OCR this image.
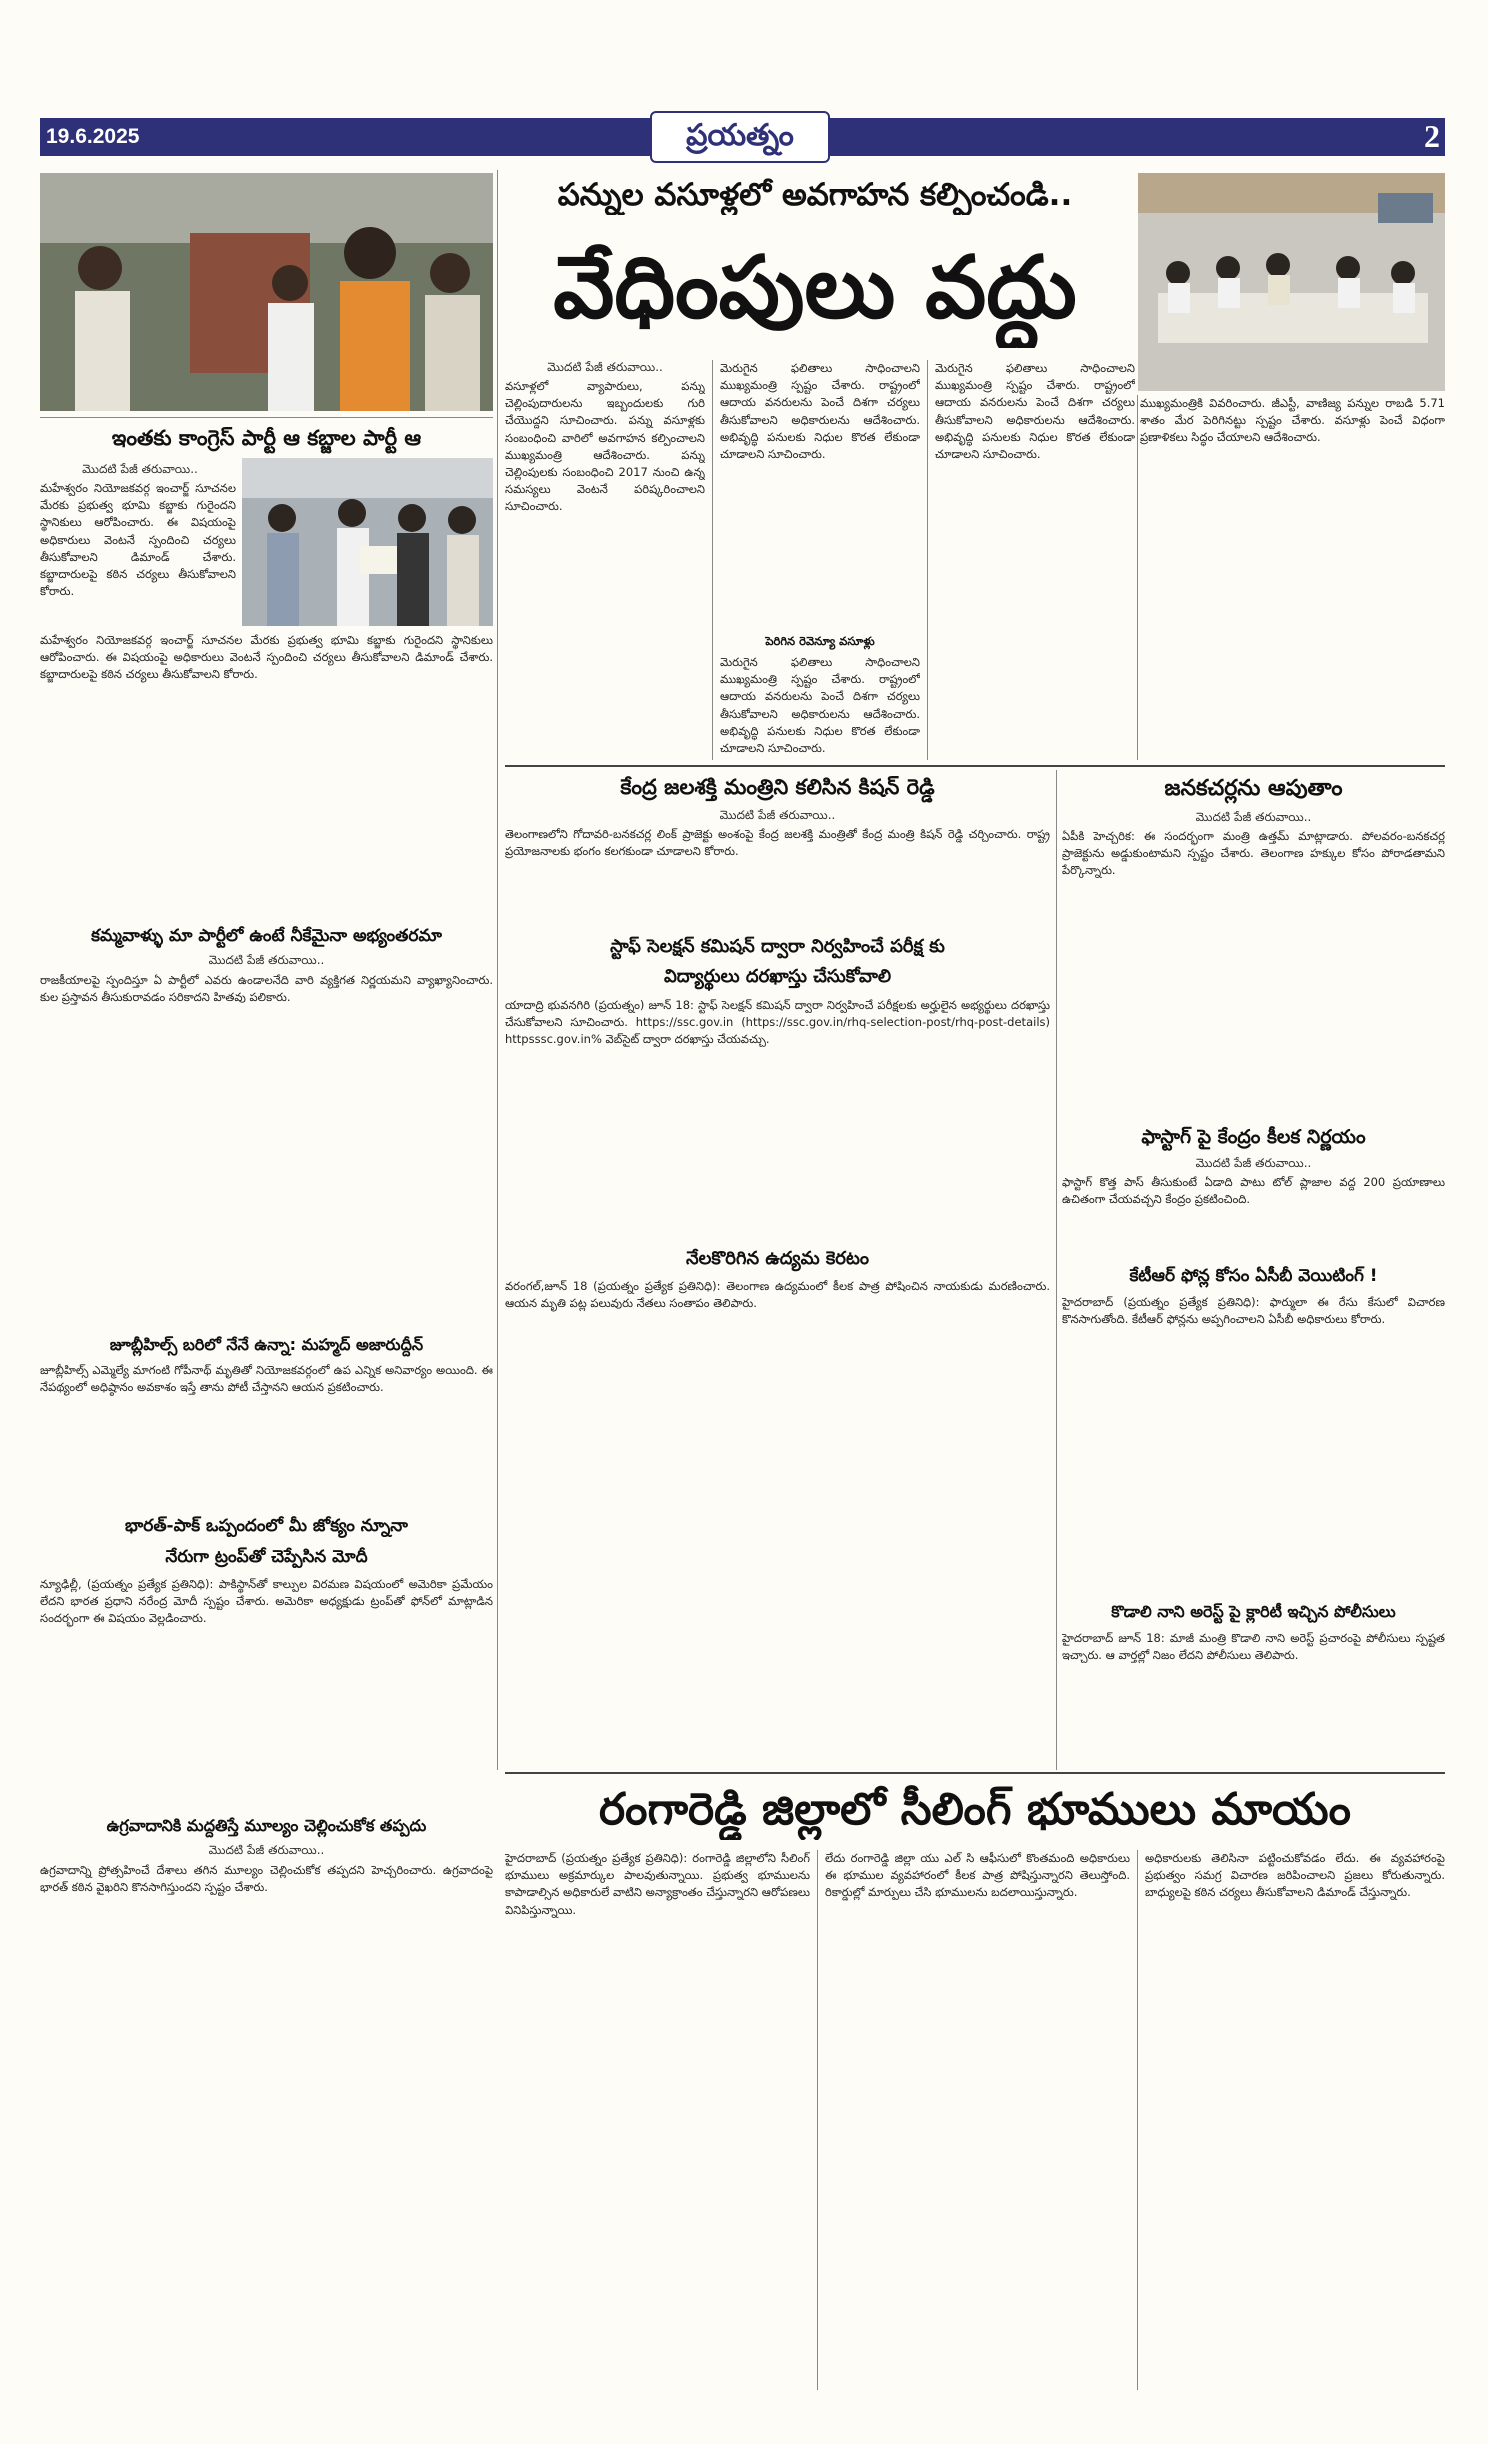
19.6.2025	ప్రయత్నం	2
పన్నుల వసూళ్లలో అవగాహన కల్పించండి..
వేధింపులు వద్దు
ఇంతకు కాంగ్రెస్ పార్టీ ఆ కబ్జాల పార్టీ ఆ
మొదటి పేజీ తరువాయి..
మహేశ్వరం నియోజకవర్గ ఇంచార్జ్ సూచనల మేరకు ప్రభుత్వ భూమి కబ్జాకు గురైందని స్థానికులు ఆరోపించారు. ఈ విషయంపై అధికారులు వెంటనే స్పందించి చర్యలు తీసుకోవాలని డిమాండ్ చేశారు. కబ్జాదారులపై కఠిన చర్యలు తీసుకోవాలని కోరారు.
మహేశ్వరం నియోజకవర్గ ఇంచార్జ్ సూచనల మేరకు ప్రభుత్వ భూమి కబ్జాకు గురైందని స్థానికులు ఆరోపించారు. ఈ విషయంపై అధికారులు వెంటనే స్పందించి చర్యలు తీసుకోవాలని డిమాండ్ చేశారు. కబ్జాదారులపై కఠిన చర్యలు తీసుకోవాలని కోరారు.
కమ్మవాళ్ళు మా పార్టీలో ఉంటే నీకేమైనా అభ్యంతరమా
మొదటి పేజీ తరువాయి..
రాజకీయాలపై స్పందిస్తూ ఏ పార్టీలో ఎవరు ఉండాలనేది వారి వ్యక్తిగత నిర్ణయమని వ్యాఖ్యానించారు. కుల ప్రస్తావన తీసుకురావడం సరికాదని హితవు పలికారు.
జూబ్లీహిల్స్ బరిలో నేనే ఉన్నా: మహ్మద్ అజారుద్దీన్
జూబ్లీహిల్స్ ఎమ్మెల్యే మాగంటి గోపీనాథ్ మృతితో నియోజకవర్గంలో ఉప ఎన్నిక అనివార్యం అయింది. ఈ నేపథ్యంలో అధిష్ఠానం అవకాశం ఇస్తే తాను పోటీ చేస్తానని ఆయన ప్రకటించారు.
భారత్-పాక్ ఒప్పందంలో మీ జోక్యం న్నూనా
నేరుగా ట్రంప్‌తో చెప్పేసిన మోదీ
న్యూఢిల్లీ, (ప్రయత్నం ప్రత్యేక ప్రతినిధి): పాకిస్థాన్‌తో కాల్పుల విరమణ విషయంలో అమెరికా ప్రమేయం లేదని భారత ప్రధాని నరేంద్ర మోదీ స్పష్టం చేశారు. అమెరికా అధ్యక్షుడు ట్రంప్‌తో ఫోన్‌లో మాట్లాడిన సందర్భంగా ఈ విషయం వెల్లడించారు.
మొదటి పేజీ తరువాయి..
వసూళ్లలో వ్యాపారులు, పన్ను చెల్లింపుదారులను ఇబ్బందులకు గురి చేయొద్దని సూచించారు. పన్ను వసూళ్లకు సంబంధించి వారిలో అవగాహన కల్పించాలని ముఖ్యమంత్రి ఆదేశించారు. పన్ను చెల్లింపులకు సంబంధించి 2017 నుంచి ఉన్న సమస్యలు వెంటనే పరిష్కరించాలని సూచించారు.
మెరుగైన ఫలితాలు సాధించాలని ముఖ్యమంత్రి స్పష్టం చేశారు. రాష్ట్రంలో ఆదాయ వనరులను పెంచే దిశగా చర్యలు తీసుకోవాలని అధికారులను ఆదేశించారు. అభివృద్ధి పనులకు నిధుల కొరత లేకుండా చూడాలని సూచించారు.
పెరిగిన రెవెన్యూ వసూళ్లు
మెరుగైన ఫలితాలు సాధించాలని ముఖ్యమంత్రి స్పష్టం చేశారు. రాష్ట్రంలో ఆదాయ వనరులను పెంచే దిశగా చర్యలు తీసుకోవాలని అధికారులను ఆదేశించారు. అభివృద్ధి పనులకు నిధుల కొరత లేకుండా చూడాలని సూచించారు.
మెరుగైన ఫలితాలు సాధించాలని ముఖ్యమంత్రి స్పష్టం చేశారు. రాష్ట్రంలో ఆదాయ వనరులను పెంచే దిశగా చర్యలు తీసుకోవాలని అధికారులను ఆదేశించారు. అభివృద్ధి పనులకు నిధుల కొరత లేకుండా చూడాలని సూచించారు.
ముఖ్యమంత్రికి వివరించారు. జీఎస్టీ, వాణిజ్య పన్నుల రాబడి 5.71 శాతం మేర పెరిగినట్టు స్పష్టం చేశారు. వసూళ్లు పెంచే విధంగా ప్రణాళికలు సిద్ధం చేయాలని ఆదేశించారు.
కేంద్ర జలశక్తి మంత్రిని కలిసిన కిషన్ రెడ్డి
మొదటి పేజీ తరువాయి..
తెలంగాణలోని గోదావరి-బనకచర్ల లింక్ ప్రాజెక్టు అంశంపై కేంద్ర జలశక్తి మంత్రితో కేంద్ర మంత్రి కిషన్ రెడ్డి చర్చించారు. రాష్ట్ర ప్రయోజనాలకు భంగం కలగకుండా చూడాలని కోరారు.
స్టాఫ్ సెలక్షన్ కమిషన్ ద్వారా నిర్వహించే పరీక్ష కు
విద్యార్థులు దరఖాస్తు చేసుకోవాలి
యాదాద్రి భువనగిరి (ప్రయత్నం) జూన్ 18: స్టాఫ్ సెలక్షన్ కమిషన్ ద్వారా నిర్వహించే పరీక్షలకు అర్హులైన అభ్యర్థులు దరఖాస్తు చేసుకోవాలని సూచించారు. https://ssc.gov.in (https://ssc.gov.in/rhq-selection-post/rhq-post-details) httpsssc.gov.in% వెబ్‌సైట్ ద్వారా దరఖాస్తు చేయవచ్చు.
నేలకొరిగిన ఉద్యమ కెరటం
వరంగల్,జూన్ 18 (ప్రయత్నం ప్రత్యేక ప్రతినిధి): తెలంగాణ ఉద్యమంలో కీలక పాత్ర పోషించిన నాయకుడు మరణించారు. ఆయన మృతి పట్ల పలువురు నేతలు సంతాపం తెలిపారు.
జనకచర్లను ఆపుతాం
మొదటి పేజీ తరువాయి..
ఏపీకి హెచ్చరిక: ఈ సందర్భంగా మంత్రి ఉత్తమ్ మాట్లాడారు. పోలవరం-బనకచర్ల ప్రాజెక్టును అడ్డుకుంటామని స్పష్టం చేశారు. తెలంగాణ హక్కుల కోసం పోరాడతామని పేర్కొన్నారు.
ఫాస్టాగ్ పై కేంద్రం కీలక నిర్ణయం
మొదటి పేజీ తరువాయి..
ఫాస్టాగ్ కొత్త పాస్ తీసుకుంటే ఏడాది పాటు టోల్ ప్లాజాల వద్ద 200 ప్రయాణాలు ఉచితంగా చేయవచ్చని కేంద్రం ప్రకటించింది.
కేటీఆర్ ఫోన్ల కోసం ఏసీబీ వెయిటింగ్ !
హైదరాబాద్ (ప్రయత్నం ప్రత్యేక ప్రతినిధి): ఫార్ములా ఈ రేసు కేసులో విచారణ కొనసాగుతోంది. కేటీఆర్ ఫోన్లను అప్పగించాలని ఏసీబీ అధికారులు కోరారు.
కొడాలి నాని అరెస్ట్ పై క్లారిటీ ఇచ్చిన పోలీసులు
హైదరాబాద్ జూన్ 18: మాజీ మంత్రి కొడాలి నాని అరెస్ట్ ప్రచారంపై పోలీసులు స్పష్టత ఇచ్చారు. ఆ వార్తల్లో నిజం లేదని పోలీసులు తెలిపారు.
రంగారెడ్డి జిల్లాలో సీలింగ్ భూములు మాయం
హైదరాబాద్ (ప్రయత్నం ప్రత్యేక ప్రతినిధి): రంగారెడ్డి జిల్లాలోని సీలింగ్ భూములు అక్రమార్కుల పాలవుతున్నాయి. ప్రభుత్వ భూములను కాపాడాల్సిన అధికారులే వాటిని అన్యాక్రాంతం చేస్తున్నారని ఆరోపణలు వినిపిస్తున్నాయి.
లేదు రంగారెడ్డి జిల్లా యు ఎల్ సి ఆఫీసులో కొంతమంది అధికారులు ఈ భూముల వ్యవహారంలో కీలక పాత్ర పోషిస్తున్నారని తెలుస్తోంది. రికార్డుల్లో మార్పులు చేసి భూములను బదలాయిస్తున్నారు.
అధికారులకు తెలిసినా పట్టించుకోవడం లేదు. ఈ వ్యవహారంపై ప్రభుత్వం సమగ్ర విచారణ జరిపించాలని ప్రజలు కోరుతున్నారు. బాధ్యులపై కఠిన చర్యలు తీసుకోవాలని డిమాండ్ చేస్తున్నారు.
ఉగ్రవాదానికి మద్దతిస్తే మూల్యం చెల్లించుకోక తప్పదు
మొదటి పేజీ తరువాయి..
ఉగ్రవాదాన్ని ప్రోత్సహించే దేశాలు తగిన మూల్యం చెల్లించుకోక తప్పదని హెచ్చరించారు. ఉగ్రవాదంపై భారత్ కఠిన వైఖరిని కొనసాగిస్తుందని స్పష్టం చేశారు.
